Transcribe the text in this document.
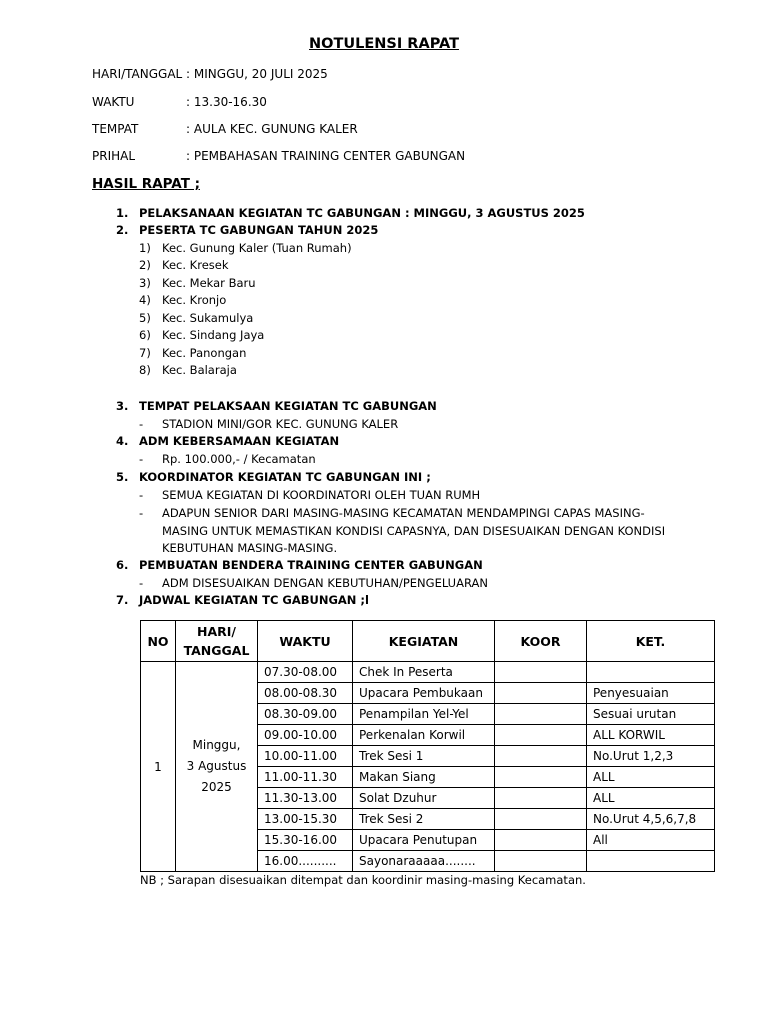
NOTULENSI RAPAT
HARI/TANGGAL : MINGGU, 20 JULI 2025
WAKTU	: 13.30-16.30
TEMPAT	: AULA KEC. GUNUNG KALER
PRIHAL	: PEMBAHASAN TRAINING CENTER GABUNGAN
HASIL RAPAT ;
1. PELAKSANAAN KEGIATAN TC GABUNGAN : MINGGU, 3 AGUSTUS 2025
2. PESERTA TC GABUNGAN TAHUN 2025
1) Kec. Gunung Kaler (Tuan Rumah)
2) Kec. Kresek
3) Kec. Mekar Baru
4) Kec. Kronjo
5) Kec. Sukamulya
6) Kec. Sindang Jaya
7) Kec. Panongan
8) Kec. Balaraja
3. TEMPAT PELAKSAAN KEGIATAN TC GABUNGAN
- STADION MINI/GOR KEC. GUNUNG KALER
4. ADM KEBERSAMAAN KEGIATAN
- Rp. 100.000,- / Kecamatan
5. KOORDINATOR KEGIATAN TC GABUNGAN INI ;
- SEMUA KEGIATAN DI KOORDINATORI OLEH TUAN RUMH
- ADAPUN SENIOR DARI MASING-MASING KECAMATAN MENDAMPINGI CAPAS MASING-MASING UNTUK MEMASTIKAN KONDISI CAPASNYA, DAN DISESUAIKAN DENGAN KONDISI KEBUTUHAN MASING-MASING.
6. PEMBUATAN BENDERA TRAINING CENTER GABUNGAN
- ADM DISESUAIKAN DENGAN KEBUTUHAN/PENGELUARAN
7. JADWAL KEGIATAN TC GABUNGAN ;l
NO	HARI/
TANGGAL	WAKTU	KEGIATAN	KOOR	KET.
1	Minggu,
3 Agustus
2025	07.30-08.00	Chek In Peserta		
		08.00-08.30	Upacara Pembukaan		Penyesuaian
		08.30-09.00	Penampilan Yel-Yel		Sesuai urutan
		09.00-10.00	Perkenalan Korwil		ALL KORWIL
		10.00-11.00	Trek Sesi 1		No.Urut 1,2,3
		11.00-11.30	Makan Siang		ALL
		11.30-13.00	Solat Dzuhur		ALL
		13.00-15.30	Trek Sesi 2		No.Urut 4,5,6,7,8
		15.30-16.00	Upacara Penutupan		All
		16.00..........	Sayonaraaaaa........		
NB ; Sarapan disesuaikan ditempat dan koordinir masing-masing Kecamatan.
